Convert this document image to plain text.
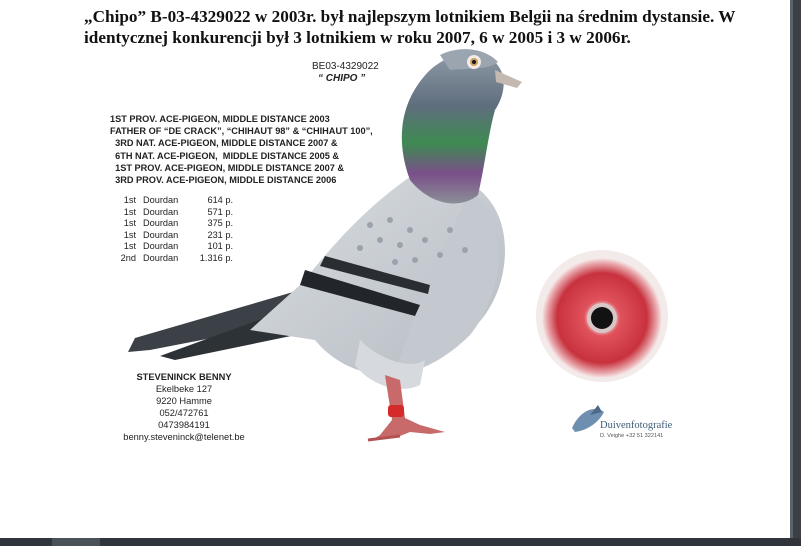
„Chipo” B-03-4329022 w 2003r. był najlepszym lotnikiem Belgii na średnim dystansie. W identycznej konkurencji był 3 lotnikiem w roku 2007, 6 w 2005 i 3 w 2006r.

BE03-4329022
“ CHIPO ”
1ST PROV. ACE-PIGEON, MIDDLE DISTANCE 2003
FATHER OF “DE CRACK”, “CHIHAUT 98” & “CHIHAUT 100”,
3RD NAT. ACE-PIGEON, MIDDLE DISTANCE 2007 &
6TH NAT. ACE-PIGEON,  MIDDLE DISTANCE 2005 &
1ST PROV. ACE-PIGEON, MIDDLE DISTANCE 2007 &
3RD PROV. ACE-PIGEON, MIDDLE DISTANCE 2006
1st Dourdan	614 p.
1st Dourdan	571 p.
1st Dourdan	375 p.
1st Dourdan	231 p.
1st Dourdan	101 p.
2nd Dourdan	1.316 p.
STEVENINCK BENNY
Ekelbeke 127
9220 Hamme
052/472761
0473984191
benny.steveninck@telenet.be
Duivenfotografie
D. Veighe +32 51 322141
